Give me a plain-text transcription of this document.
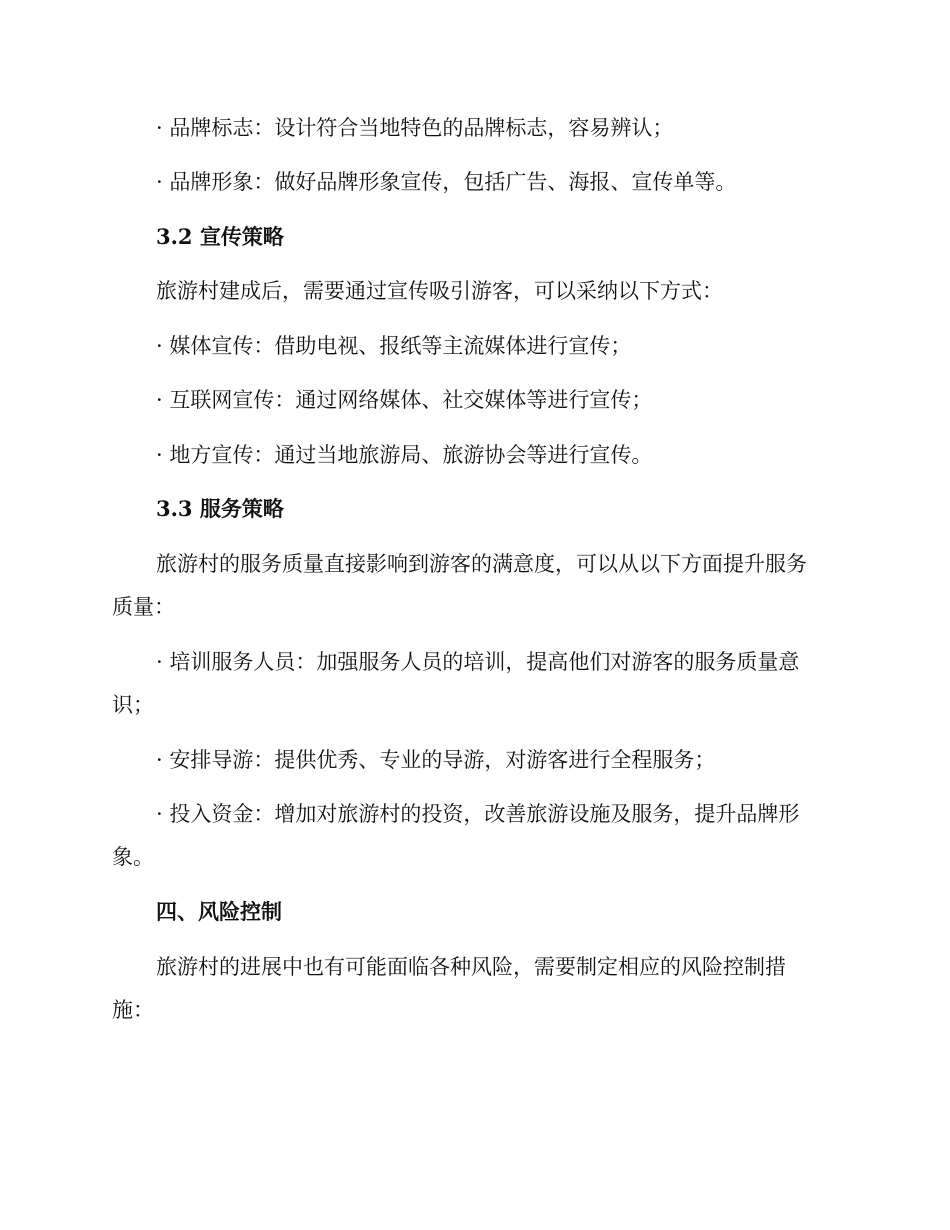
· 品牌标志：设计符合当地特色的品牌标志，容易辨认；
· 品牌形象：做好品牌形象宣传，包括广告、海报、宣传单等。
3.2 宣传策略
旅游村建成后，需要通过宣传吸引游客，可以采纳以下方式：
· 媒体宣传：借助电视、报纸等主流媒体进行宣传；
· 互联网宣传：通过网络媒体、社交媒体等进行宣传；
· 地方宣传：通过当地旅游局、旅游协会等进行宣传。
3.3 服务策略
旅游村的服务质量直接影响到游客的满意度，可以从以下方面提升服务
质量：
· 培训服务人员：加强服务人员的培训，提高他们对游客的服务质量意
识；
· 安排导游：提供优秀、专业的导游，对游客进行全程服务；
· 投入资金：增加对旅游村的投资，改善旅游设施及服务，提升品牌形
象。
四、风险控制
旅游村的进展中也有可能面临各种风险，需要制定相应的风险控制措
施：
